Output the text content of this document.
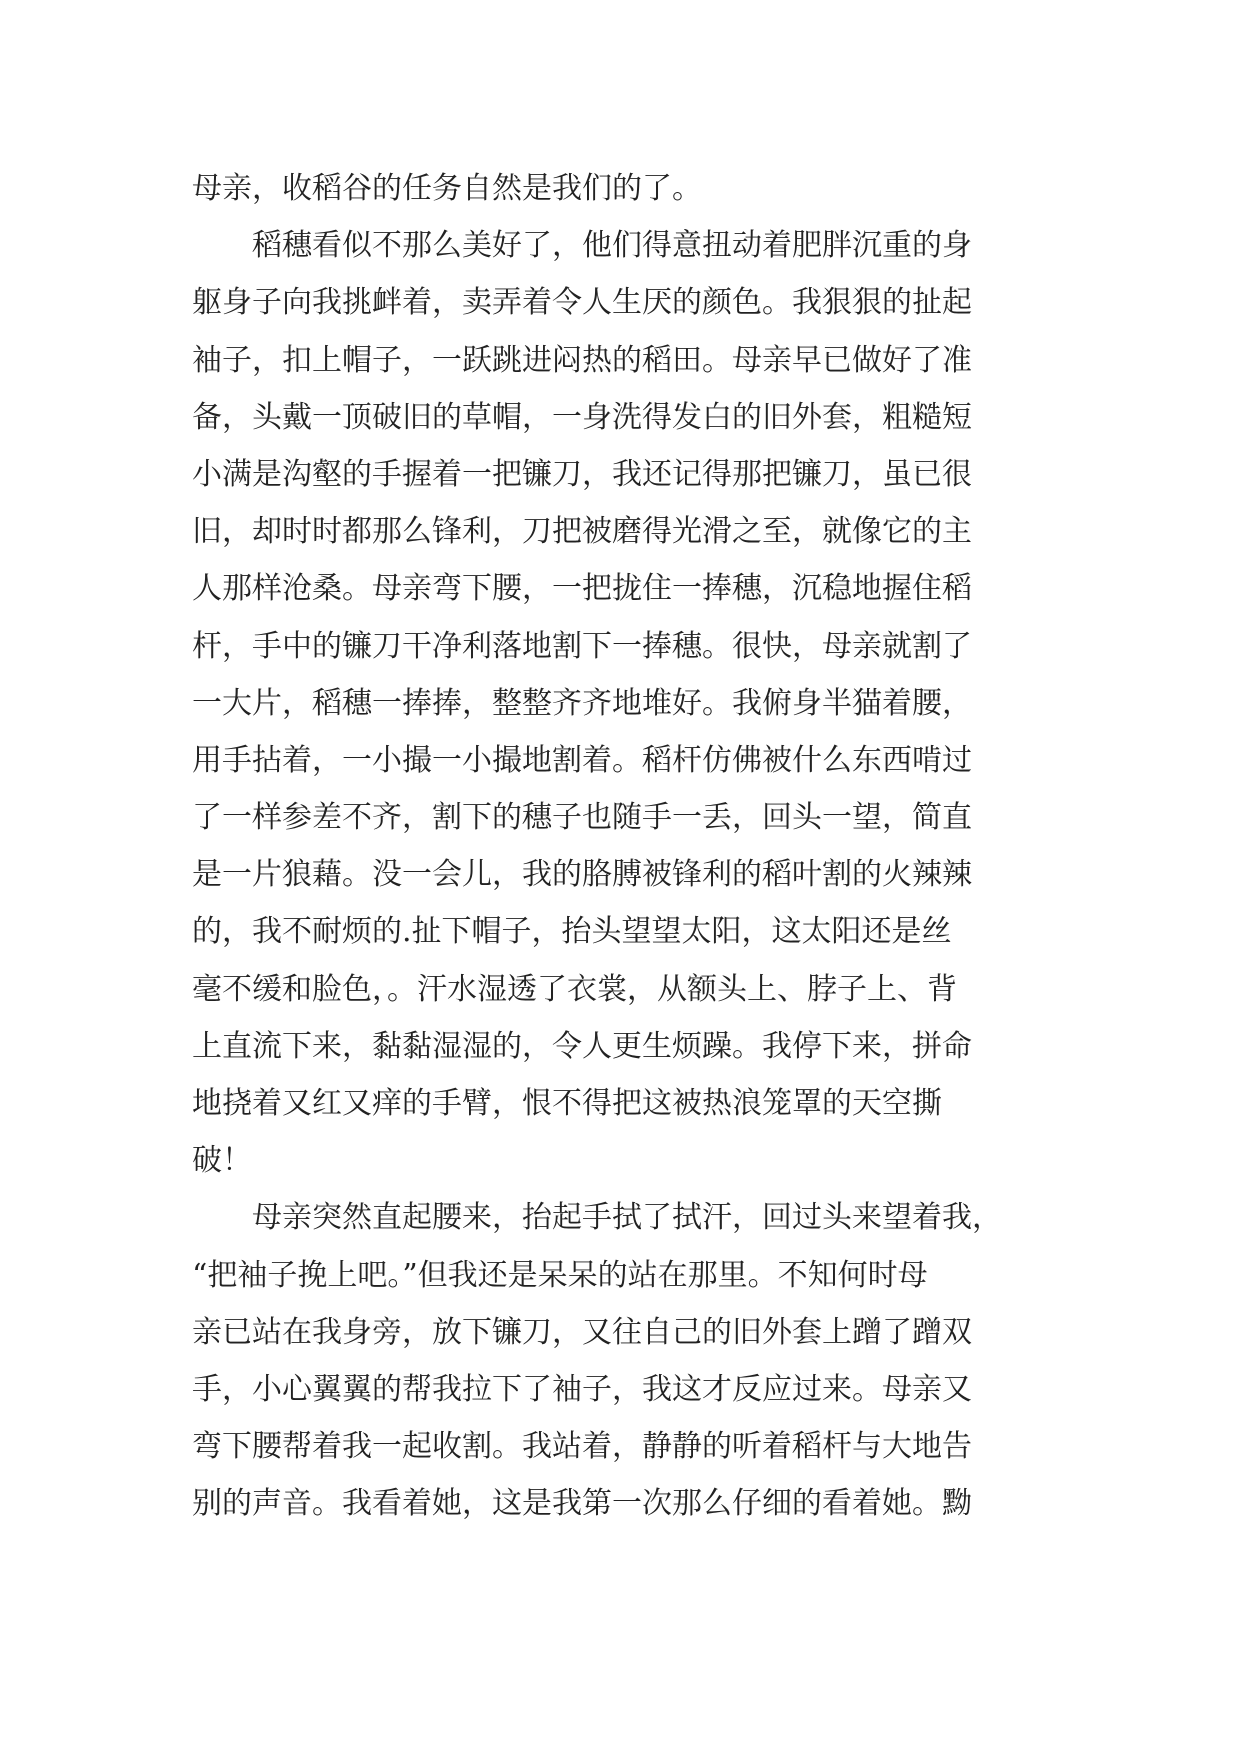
母亲，收稻谷的任务自然是我们的了。
稻穗看似不那么美好了，他们得意扭动着肥胖沉重的身
躯身子向我挑衅着，卖弄着令人生厌的颜色。我狠狠的扯起
袖子，扣上帽子，一跃跳进闷热的稻田。母亲早已做好了准
备，头戴一顶破旧的草帽，一身洗得发白的旧外套，粗糙短
小满是沟壑的手握着一把镰刀，我还记得那把镰刀，虽已很
旧，却时时都那么锋利，刀把被磨得光滑之至，就像它的主
人那样沧桑。母亲弯下腰，一把拢住一捧穗，沉稳地握住稻
杆，手中的镰刀干净利落地割下一捧穗。很快，母亲就割了
一大片，稻穗一捧捧，整整齐齐地堆好。我俯身半猫着腰，
用手拈着，一小撮一小撮地割着。稻杆仿佛被什么东西啃过
了一样参差不齐，割下的穗子也随手一丢，回头一望，简直
是一片狼藉。没一会儿，我的胳膊被锋利的稻叶割的火辣辣
的，我不耐烦的.扯下帽子，抬头望望太阳，这太阳还是丝
毫不缓和脸色，。汗水湿透了衣裳，从额头上、脖子上、背
上直流下来，黏黏湿湿的，令人更生烦躁。我停下来，拼命
地挠着又红又痒的手臂，恨不得把这被热浪笼罩的天空撕
破！
母亲突然直起腰来，抬起手拭了拭汗，回过头来望着我，
“把袖子挽上吧。”但我还是呆呆的站在那里。不知何时母
亲已站在我身旁，放下镰刀，又往自己的旧外套上蹭了蹭双
手，小心翼翼的帮我拉下了袖子，我这才反应过来。母亲又
弯下腰帮着我一起收割。我站着，静静的听着稻杆与大地告
别的声音。我看着她，这是我第一次那么仔细的看着她。黝
